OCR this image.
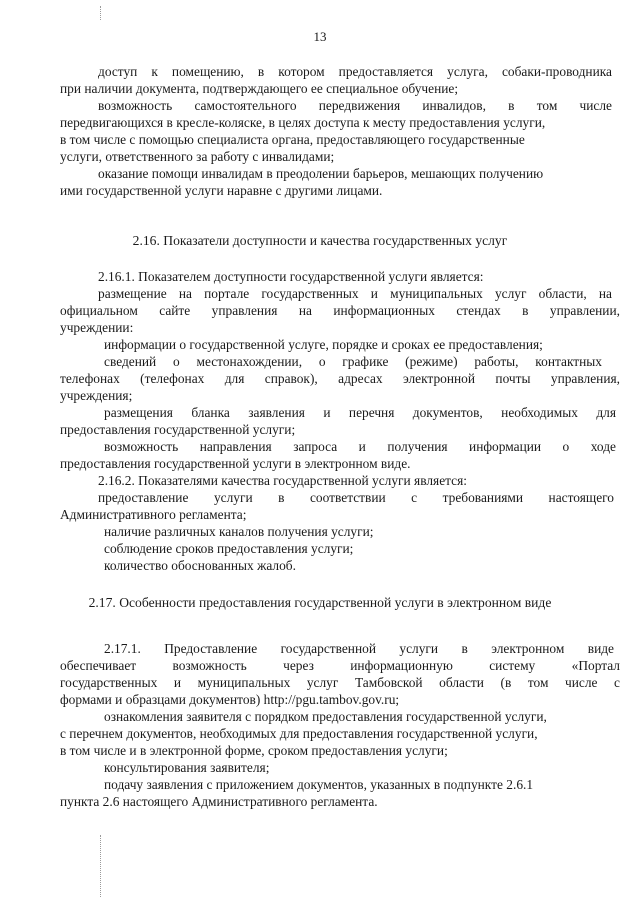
13
доступ к помещению, в котором предоставляется услуга, собаки-проводника
при наличии документа, подтверждающего ее специальное обучение;
возможность самостоятельного передвижения инвалидов, в том числе
передвигающихся в кресле-коляске, в целях доступа к месту предоставления услуги,
в том числе с помощью специалиста органа, предоставляющего государственные
услуги, ответственного за работу с инвалидами;
оказание помощи инвалидам в преодолении барьеров, мешающих получению
ими государственной услуги наравне с другими лицами.
2.16. Показатели доступности и качества государственных услуг
2.16.1. Показателем доступности государственной услуги является:
размещение на портале государственных и муниципальных услуг области, на
официальном сайте управления на информационных стендах в управлении,
учреждении:
информации о государственной услуге, порядке и сроках ее предоставления;
сведений о местонахождении, о графике (режиме) работы, контактных
телефонах (телефонах для справок), адресах электронной почты управления,
учреждения;
размещения бланка заявления и перечня документов, необходимых для
предоставления государственной услуги;
возможность направления запроса и получения информации о ходе
предоставления государственной услуги в электронном виде.
2.16.2. Показателями качества государственной услуги является:
предоставление услуги в соответствии с требованиями настоящего
Административного регламента;
наличие различных каналов получения услуги;
соблюдение сроков предоставления услуги;
количество обоснованных жалоб.
2.17. Особенности предоставления государственной услуги в электронном виде
2.17.1. Предоставление государственной услуги в электронном виде
обеспечивает возможность через информационную систему «Портал
государственных и муниципальных услуг Тамбовской области (в том числе с
формами и образцами документов) http://pgu.tambov.gov.ru;
ознакомления заявителя с порядком предоставления государственной услуги,
с перечнем документов, необходимых для предоставления государственной услуги,
в том числе и в электронной форме, сроком предоставления услуги;
консультирования заявителя;
подачу заявления с приложением документов, указанных в подпункте 2.6.1
пункта 2.6 настоящего Административного регламента.
